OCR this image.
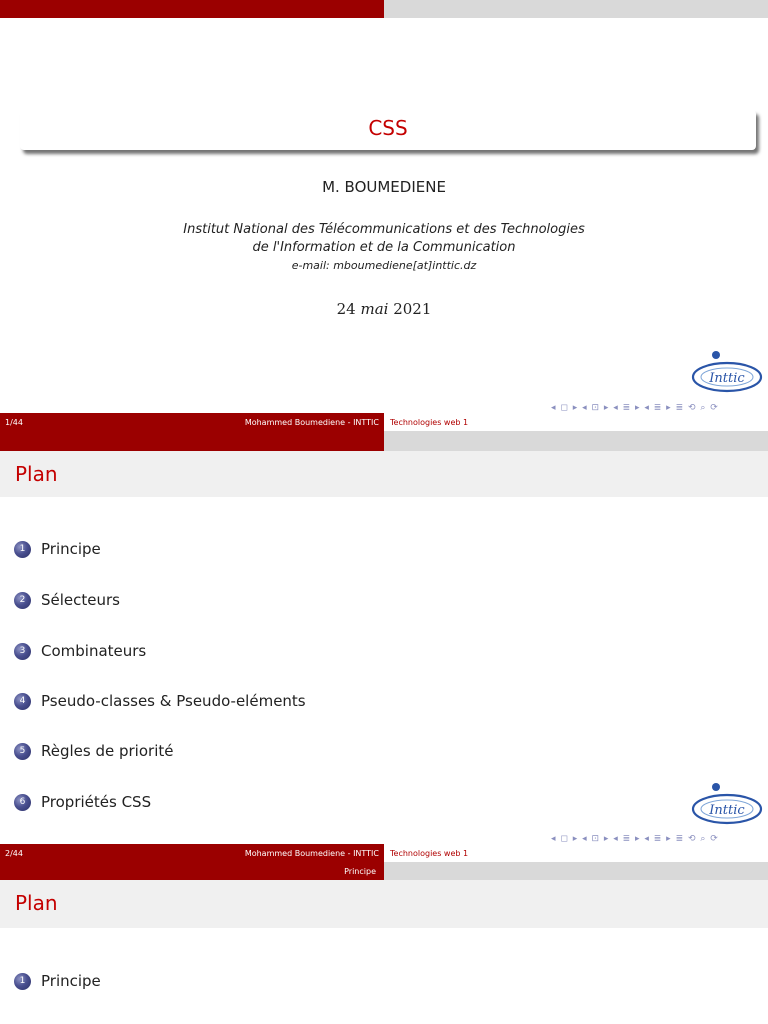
CSS
M. BOUMEDIENE
Institut National des Télécommunications et des Technologies
de l'Information et de la Communication
e-mail: mboumediene[at]inttic.dz
24 mai 2021
Inttic
◂ ◻ ▸ ◂ ⊡ ▸ ◂ ≣ ▸ ◂ ≣ ▸ ≣ ⟲ ⌕ ⟳
1/44	Mohammed Boumediene - INTTIC Technologies web 1
Plan
1	Principe
2	Sélecteurs
3	Combinateurs
4	Pseudo-classes & Pseudo-eléments
5	Règles de priorité
6	Propriétés CSS	Inttic
◂ ◻ ▸ ◂ ⊡ ▸ ◂ ≣ ▸ ◂ ≣ ▸ ≣ ⟲ ⌕ ⟳
2/44	Mohammed Boumediene - INTTIC Technologies web 1
Principe
Plan
1	Principe
